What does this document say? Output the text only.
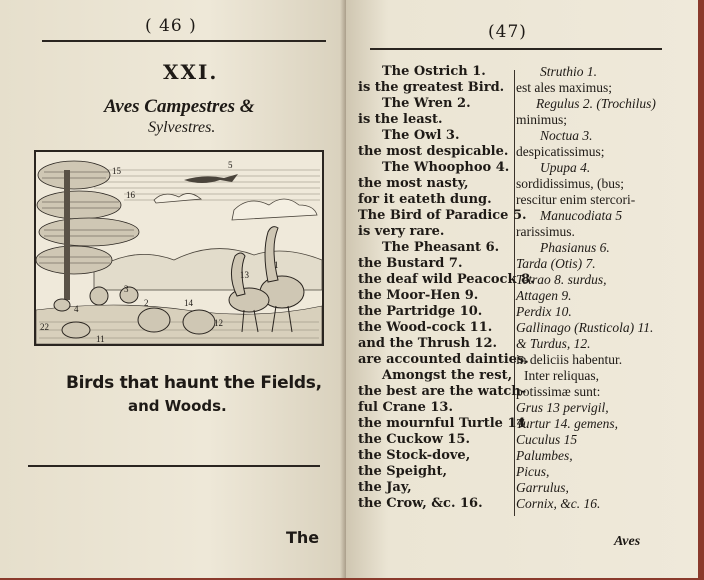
( 46 )
XXI.
Aves Campestres &
Sylvestres.
5
15
16
13
1
3
4
11
22
2	14
12
Birds that haunt the Fields,
and Woods.
The
(47)
The Ostrich 1.
is the greatest Bird.
The Wren 2.
is the least.
The Owl 3.
the most despicable.
The Whoophoo 4.
the most nasty,
for it eateth dung.
The Bird of Paradice 5.
is very rare.
The Pheasant 6.
the Bustard 7.
the deaf wild Peacock 8.
the Moor-Hen 9.
the Partridge 10.
the Wood-cock 11.
and the Thrush 12.
are accounted dainties.
Amongst the rest,
the best are the watch-
ful Crane 13.
the mournful Turtle 14
the Cuckow 15.
the Stock-dove,
the Speight,
the Jay,
the Crow, &c. 16.
Struthio 1.
est ales maximus;
Regulus 2. (Trochilus)
minimus;
Noctua 3.
despicatissimus;
Upupa 4.
sordidissimus, (bus;
rescitur enim stercori-
Manucodiata 5
rarissimus.
Phasianus 6.
Tarda (Otis) 7.
Tetrao 8. surdus,
Attagen 9.
Perdix 10.
Gallinago (Rusticola) 11.
& Turdus, 12.
in deliciis habentur.
Inter reliquas,
potissimæ sunt:
Grus 13 pervigil,
Turtur 14. gemens,
Cuculus 15
Palumbes,
Picus,
Garrulus,
Cornix, &c. 16.
Aves
